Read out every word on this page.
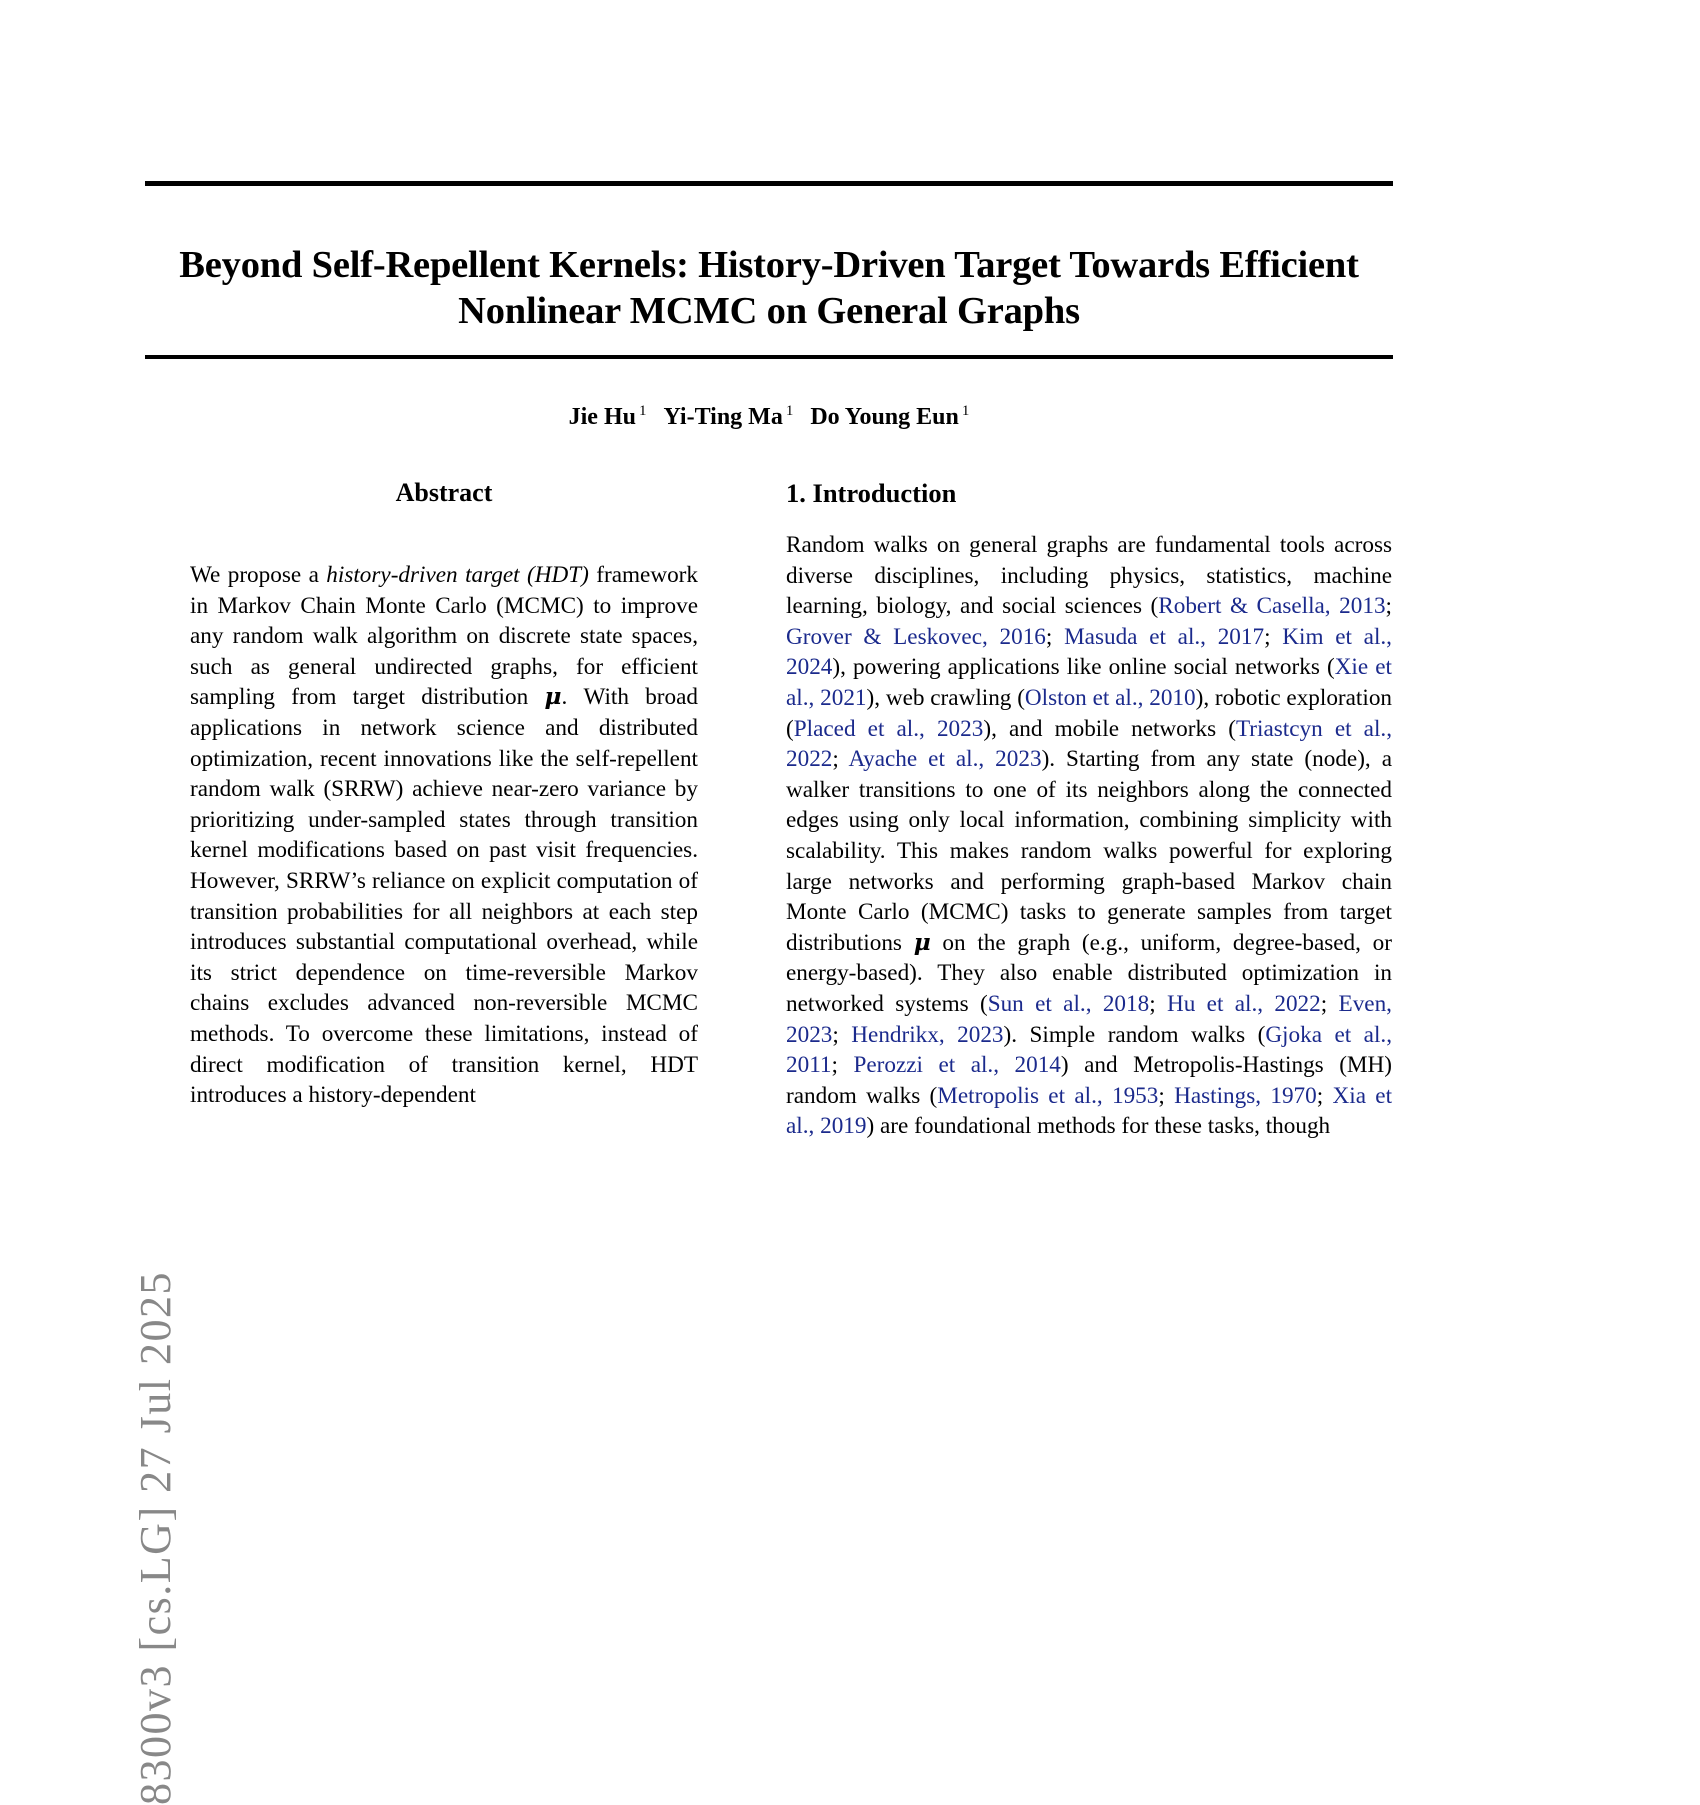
8300v3 [cs.LG] 27 Jul 2025
Beyond Self-Repellent Kernels: History-Driven Target Towards Efficient
Nonlinear MCMC on General Graphs
Jie Hu $^1$ Yi-Ting Ma $^1$ Do Young Eun $^1$
Abstract

We propose a history-driven target (HDT) framework in Markov Chain Monte Carlo (MCMC) to improve any random walk algorithm on discrete state spaces, such as general undirected graphs, for efficient sampling from target distribution μ. With broad applications in network science and distributed optimization, recent innovations like the self-repellent random walk (SRRW) achieve near-zero variance by prioritizing under-sampled states through transition kernel modifications based on past visit frequencies. However, SRRW’s reliance on explicit computation of transition probabilities for all neighbors at each step introduces substantial computational overhead, while its strict dependence on time-reversible Markov chains excludes advanced non-reversible MCMC methods. To overcome these limitations, instead of direct modification of transition kernel, HDT introduces a history-dependent

1. Introduction

Random walks on general graphs are fundamental tools across diverse disciplines, including physics, statistics, machine learning, biology, and social sciences (Robert & Casella, 2013; Grover & Leskovec, 2016; Masuda et al., 2017; Kim et al., 2024), powering applications like online social networks (Xie et al., 2021), web crawling (Olston et al., 2010), robotic exploration (Placed et al., 2023), and mobile networks (Triastcyn et al., 2022; Ayache et al., 2023). Starting from any state (node), a walker transitions to one of its neighbors along the connected edges using only local information, combining simplicity with scalability. This makes random walks powerful for exploring large networks and performing graph-based Markov chain Monte Carlo (MCMC) tasks to generate samples from target distributions μ on the graph (e.g., uniform, degree-based, or energy-based). They also enable distributed optimization in networked systems (Sun et al., 2018; Hu et al., 2022; Even, 2023; Hendrikx, 2023). Simple random walks (Gjoka et al., 2011; Perozzi et al., 2014) and Metropolis-Hastings (MH) random walks (Metropolis et al., 1953; Hastings, 1970; Xia et al., 2019) are foundational methods for these tasks, though
